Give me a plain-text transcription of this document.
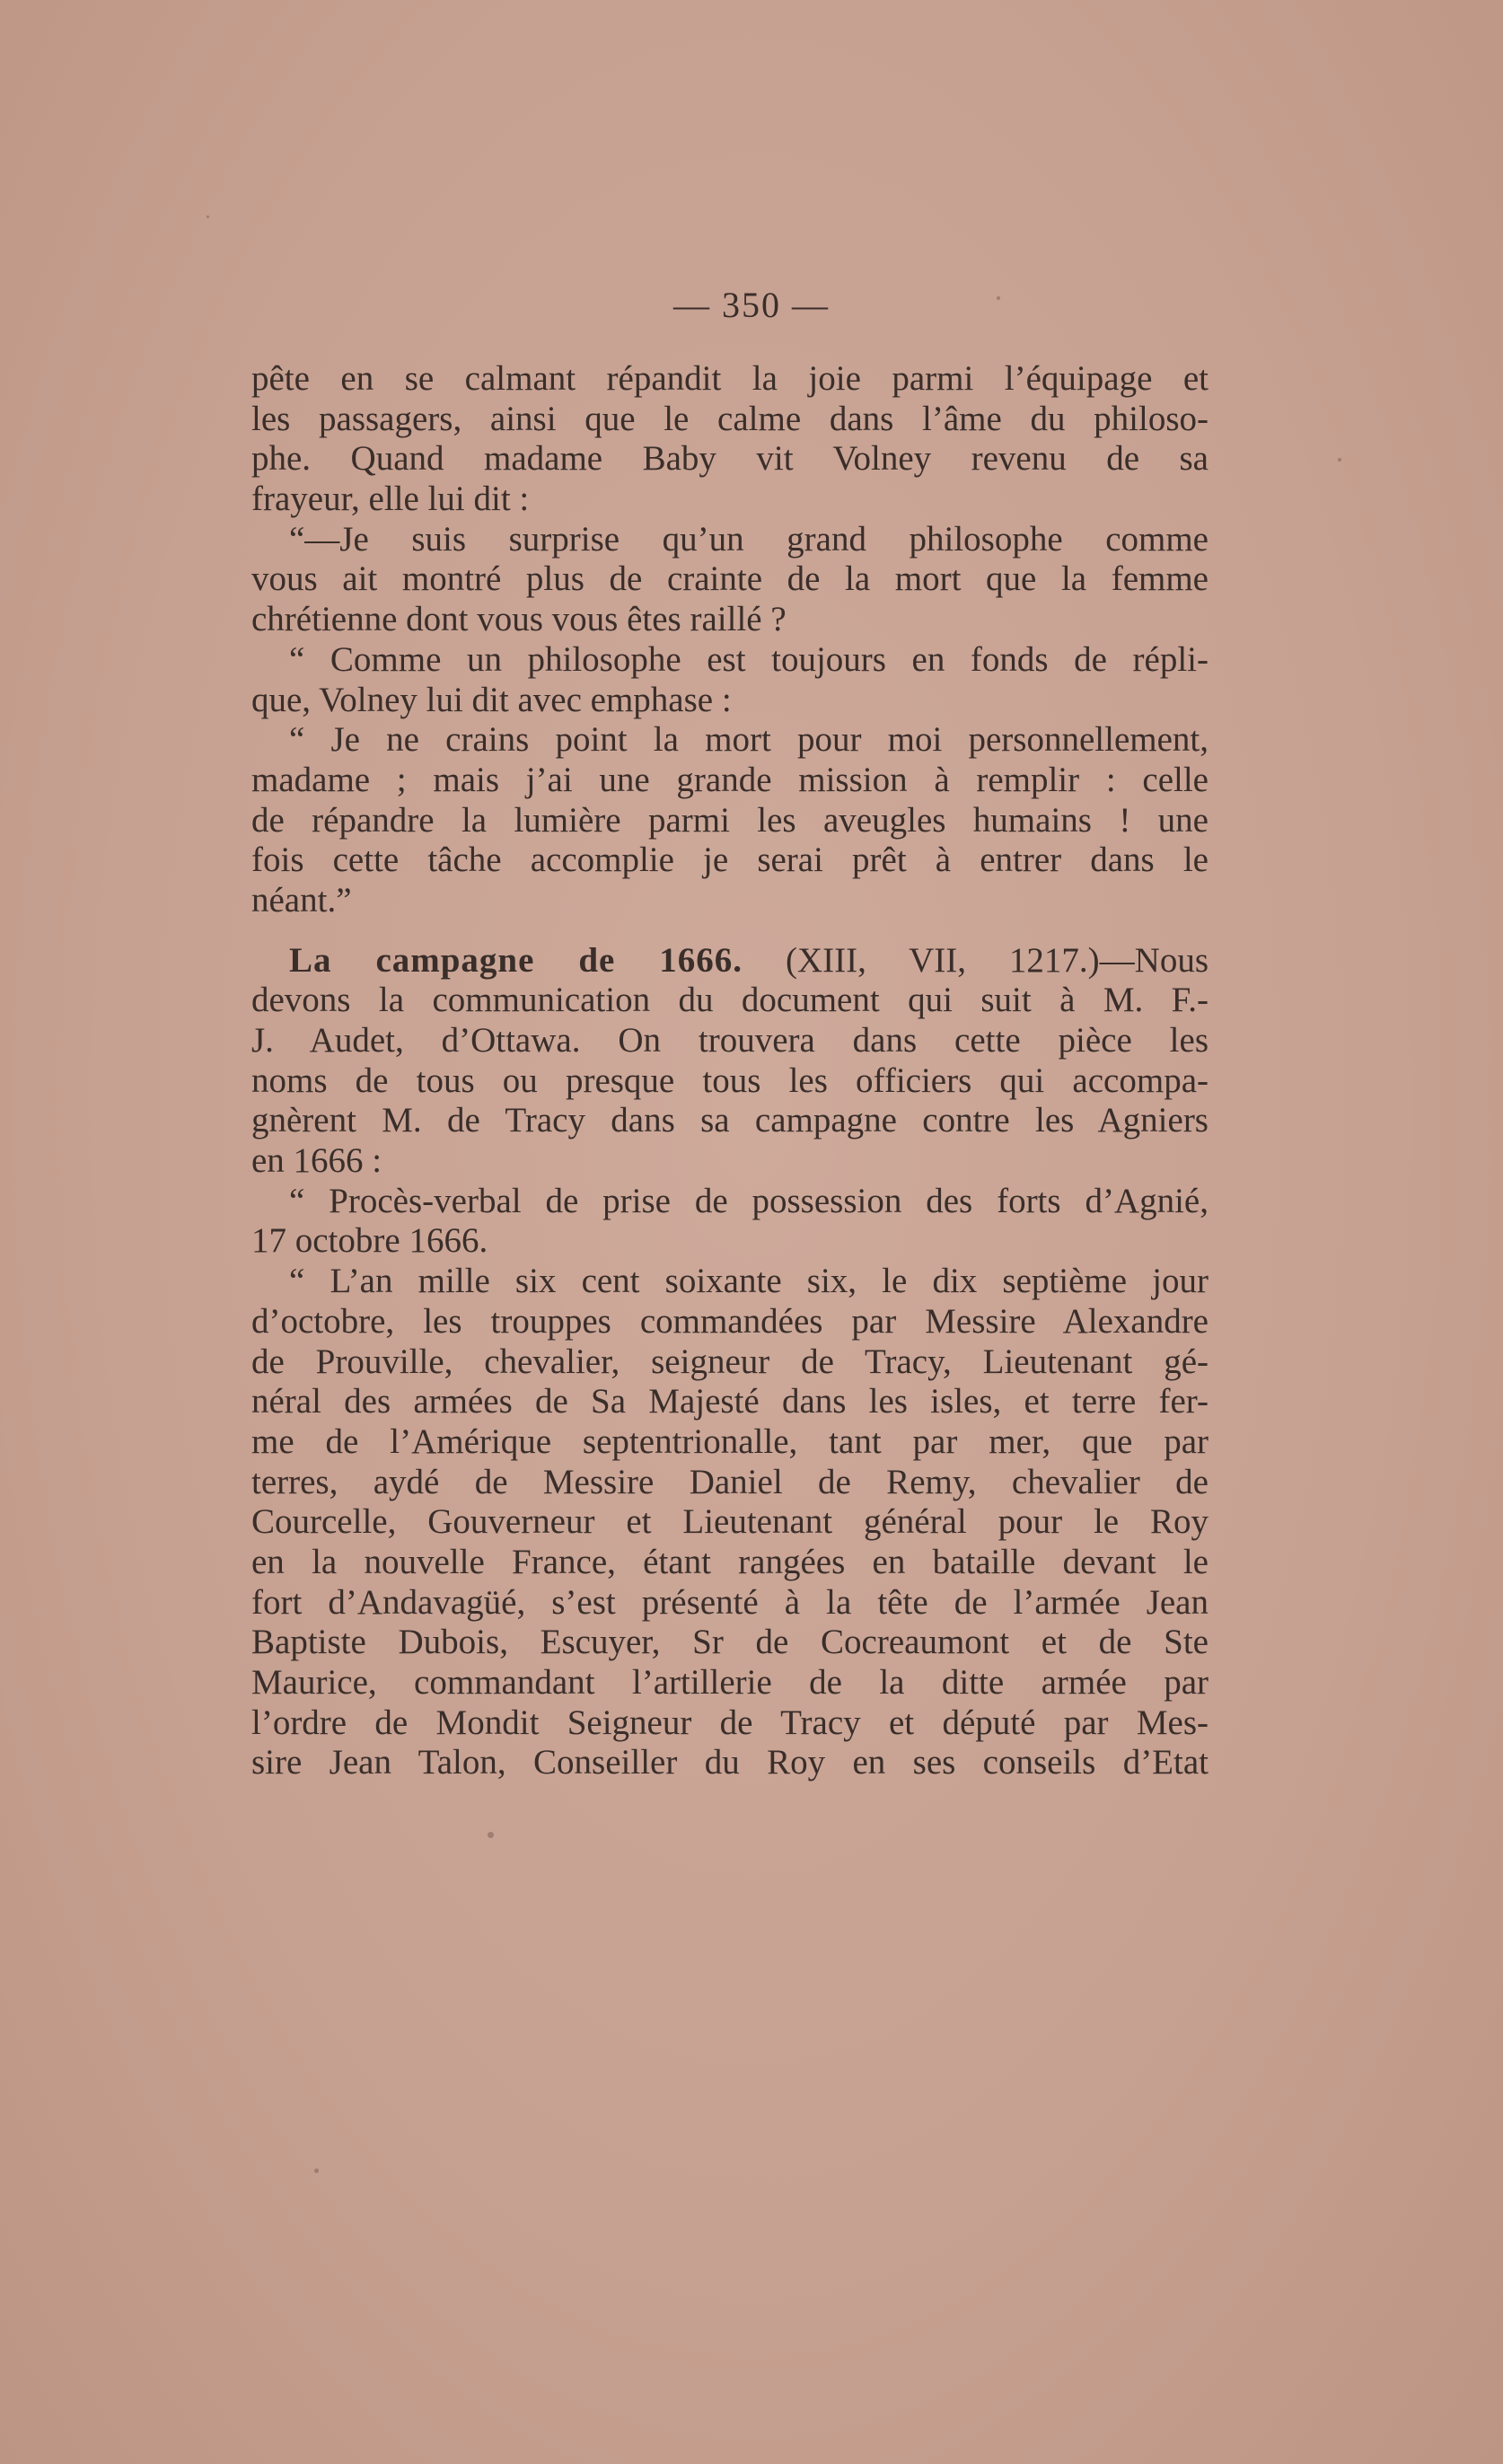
— 350 —
pête en se calmant répandit la joie parmi l’équipage et
les passagers, ainsi que le calme dans l’âme du philoso-
phe. Quand madame Baby vit Volney revenu de sa
frayeur, elle lui dit :
“—Je suis surprise qu’un grand philosophe comme
vous ait montré plus de crainte de la mort que la femme
chrétienne dont vous vous êtes raillé ?
“ Comme un philosophe est toujours en fonds de répli-
que, Volney lui dit avec emphase :
“ Je ne crains point la mort pour moi personnellement,
madame ; mais j’ai une grande mission à remplir : celle
de répandre la lumière parmi les aveugles humains ! une
fois cette tâche accomplie je serai prêt à entrer dans le
néant.”
La campagne de 1666. (XIII, VII, 1217.)—Nous
devons la communication du document qui suit à M. F.-
J. Audet, d’Ottawa. On trouvera dans cette pièce les
noms de tous ou presque tous les officiers qui accompa-
gnèrent M. de Tracy dans sa campagne contre les Agniers
en 1666 :
“ Procès-verbal de prise de possession des forts d’Agnié,
17 octobre 1666.
“ L’an mille six cent soixante six, le dix septième jour
d’octobre, les trouppes commandées par Messire Alexandre
de Prouville, chevalier, seigneur de Tracy, Lieutenant gé-
néral des armées de Sa Majesté dans les isles, et terre fer-
me de l’Amérique septentrionalle, tant par mer, que par
terres, aydé de Messire Daniel de Remy, chevalier de
Courcelle, Gouverneur et Lieutenant général pour le Roy
en la nouvelle France, étant rangées en bataille devant le
fort d’Andavagüé, s’est présenté à la tête de l’armée Jean
Baptiste Dubois, Escuyer, Sr de Cocreaumont et de Ste
Maurice, commandant l’artillerie de la ditte armée par
l’ordre de Mondit Seigneur de Tracy et député par Mes-
sire Jean Talon, Conseiller du Roy en ses conseils d’Etat
